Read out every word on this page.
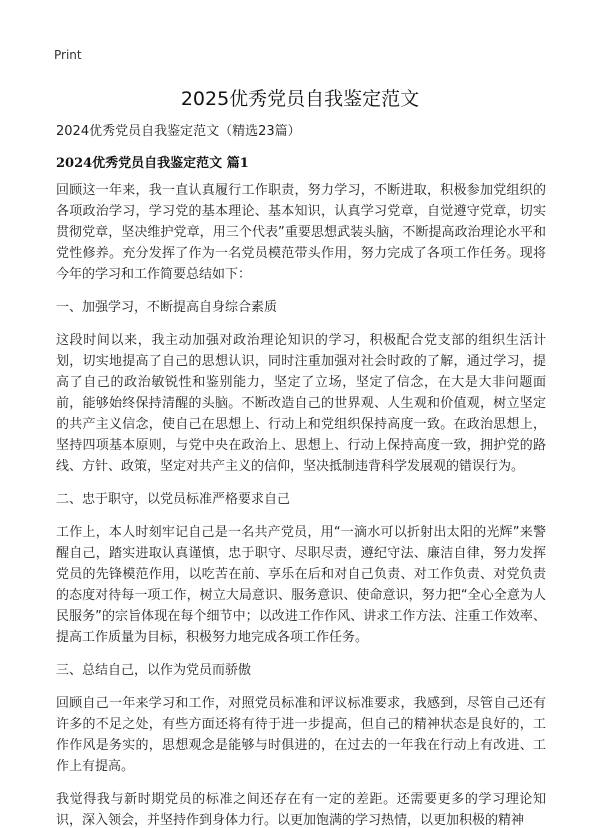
Print
2025优秀党员自我鉴定范文
2024优秀党员自我鉴定范文（精选23篇）
2024优秀党员自我鉴定范文 篇1

回顾这一年来，我一直认真履行工作职责，努力学习，不断进取，积极参加党组织的各项政治学习，学习党的基本理论、基本知识，认真学习党章，自觉遵守党章，切实贯彻党章，坚决维护党章，用三个代表”重要思想武装头脑，不断提高政治理论水平和党性修养。充分发挥了作为一名党员模范带头作用，努力完成了各项工作任务。现将今年的学习和工作简要总结如下：

一、加强学习，不断提高自身综合素质

这段时间以来，我主动加强对政治理论知识的学习，积极配合党支部的组织生活计划，切实地提高了自己的思想认识，同时注重加强对社会时政的了解，通过学习，提高了自己的政治敏锐性和鉴别能力，坚定了立场，坚定了信念，在大是大非问题面前，能够始终保持清醒的头脑。不断改造自己的世界观、人生观和价值观，树立坚定的共产主义信念，使自己在思想上、行动上和党组织保持高度一致。在政治思想上，坚持四项基本原则，与党中央在政治上、思想上、行动上保持高度一致，拥护党的路线、方针、政策，坚定对共产主义的信仰，坚决抵制违背科学发展观的错误行为。

二、忠于职守，以党员标准严格要求自己

工作上，本人时刻牢记自己是一名共产党员，用“一滴水可以折射出太阳的光辉”来警醒自己，踏实进取认真谨慎，忠于职守、尽职尽责，遵纪守法、廉洁自律，努力发挥党员的先锋模范作用，以吃苦在前、享乐在后和对自己负责、对工作负责、对党负责的态度对待每一项工作，树立大局意识、服务意识、使命意识，努力把“全心全意为人民服务”的宗旨体现在每个细节中；以改进工作作风、讲求工作方法、注重工作效率、提高工作质量为目标，积极努力地完成各项工作任务。

三、总结自己，以作为党员而骄傲

回顾自己一年来学习和工作，对照党员标准和评议标准要求，我感到，尽管自己还有许多的不足之处，有些方面还将有待于进一步提高，但自己的精神状态是良好的，工作作风是务实的，思想观念是能够与时俱进的，在过去的一年我在行动上有改进、工作上有提高。

我觉得我与新时期党员的标准之间还存在有一定的差距。还需要更多的学习理论知识，深入领会，并坚持作到身体力行。以更加饱满的学习热情，以更加积极的精神
